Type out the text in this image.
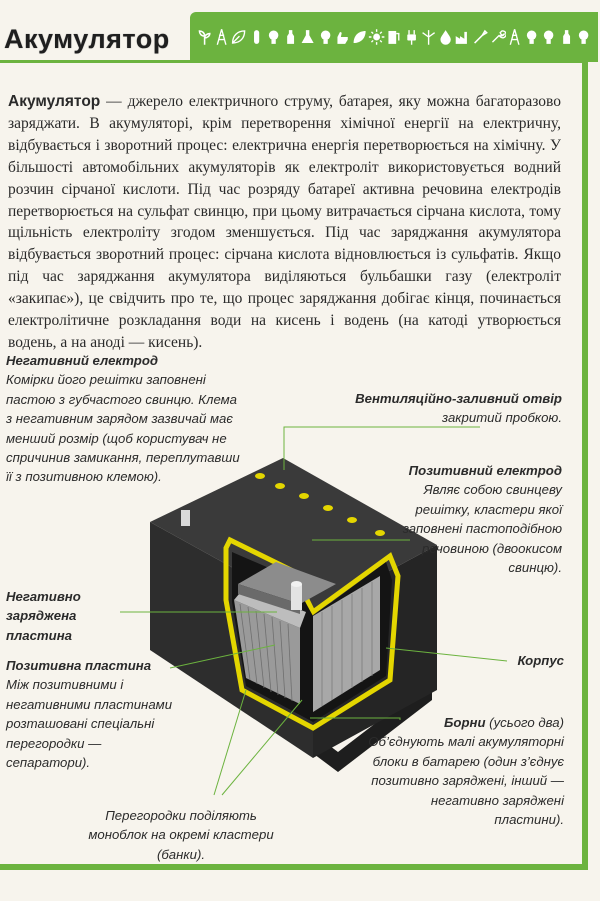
Акумулятор

Акумулятор — джерело електричного струму, батарея, яку можна багаторазово заряджати. В акумуляторі, крім перетворення хімічної енергії на електричну, відбувається і зворотний процес: електрична енергія перетворюється на хімічну. У більшості автомобільних акумуляторів як електроліт використовується водний розчин сірчаної кислоти. Під час розряду батареї активна речовина електродів перетворюється на сульфат свинцю, при цьому витрачається сірчана кислота, тому щільність електроліту згодом зменшується. Під час заряджання акумулятора відбувається зворотний процес: сірчана кислота відновлюється із сульфатів. Якщо під час заряджання акумулятора виділяються бульбашки газу (електроліт «закипає»), це свідчить про те, що процес заряджання добігає кінця, починається електролітичне розкладання води на кисень і водень (на катоді утворюється водень, а на аноді — кисень).

Негативний електрод
Комірки його решітки заповнені пастою з губчастого свинцю. Клема з негативним зарядом зазвичай має менший розмір (щоб користувач не спричинив замикання, переплутавши її з позитивною клемою).
Вентиляційно-заливний отвір
закритий пробкою.
Позитивний електрод
Являє собою свинцеву решітку, кластери якої заповнені пастоподібною речовиною (двоокисом свинцю).
Негативно заряджена пластина
Корпус
Позитивна пластина
Між позитивними і негативними пластинами розташовані спеціальні перегородки — сепаратори).
Борни (усього два)
Об’єднують малі акумуляторні блоки в батарею (один з’єднує позитивно заряджені, інший — негативно заряджені пластини).
Перегородки поділяють моноблок на окремі кластери (банки).
